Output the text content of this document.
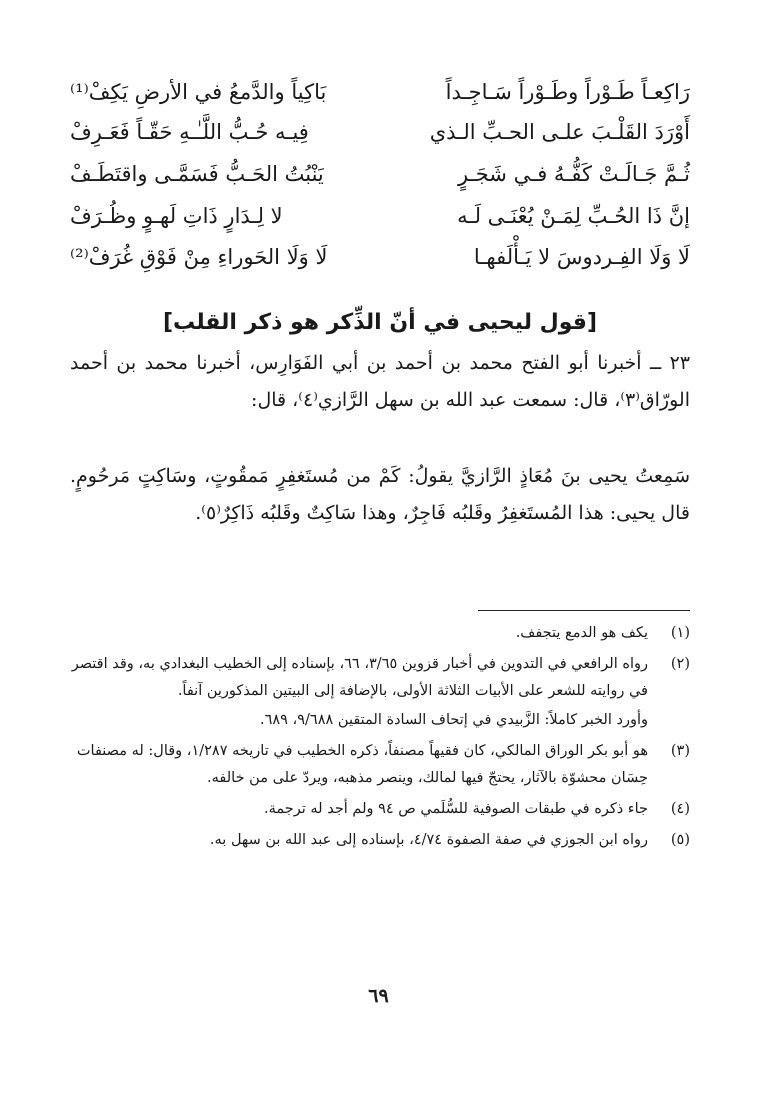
رَاكِعـاً طَـوْراً وطَـوْراً سَـاجِـداً
بَاكِياً والدَّمعُ في الأرضِ يَكِفْ⁽¹⁾
أَوْرَدَ القَلْـبَ علـى الحـبِّ الـذي
فِيـه حُـبُّ اللَّـٰـهِ حَقّـاً فَعَـرِفْ
ثُـمَّ جَـالَـتْ كَفُّـهُ فـي شَجَـرٍ
يَنْبُتُ الحَـبُّ فَسَمَّـى واقتَطَـفْ
إنَّ ذَا الحُـبِّ لِمَـنْ يُعْنَـى لَـه
لا لِـدَارٍ ذَاتِ لَهـوٍ وظُـرَفْ
لَا وَلَا الفِـردوسَ لا يَـأْلَفهـا
لَا وَلَا الحَوراءِ مِنْ فَوْقِ غُرَفْ⁽²⁾
[قول ليحيى في أنّ الذِّكر هو ذكر القلب]

٢٣ ــ أخبرنا أبو الفتح محمد بن أحمد بن أبي الفَوَارِس، أخبرنا محمد بن أحمد الورّاق⁽٣⁾، قال: سمعت عبد الله بن سهل الرَّازي⁽٤⁾، قال:

سَمِعتُ يحيى بنَ مُعَاذٍ الرَّازيَّ يقولُ: كَمْ من مُستَغفِرٍ مَمقُوتٍ، وسَاكِتٍ مَرحُومٍ. قال يحيى: هذا المُستَغفِرُ وقَلبُه فَاجِرٌ، وهذا سَاكِتٌ وقَلبُه ذَاكِرٌ⁽٥⁾.

(١)
يكف هو الدمع يتجفف.
(٢)
رواه الرافعي في التدوين في أخبار قزوين ٣/٦٥، ٦٦، بإسناده إلى الخطيب البغدادي به، وقد اقتصر في روايته للشعر على الأبيات الثلاثة الأولى، بالإضافة إلى البيتين المذكورين آنفاً.
وأورد الخبر كاملاً: الزَّبيدي في إتحاف السادة المتقين ٩/٦٨٨، ٦٨٩.
(٣)
هو أبو بكر الوراق المالكي، كان فقيهاً مصنفاً، ذكره الخطيب في تاريخه ١/٢٨٧، وقال: له مصنفات حِسَان محشوّة بالآثار، يحتجّ فيها لمالك، وينصر مذهبه، ويردّ على من خالفه.
(٤)
جاء ذكره في طبقات الصوفية للسُّلَمي ص ٩٤ ولم أجد له ترجمة.
(٥)
رواه ابن الجوزي في صفة الصفوة ٤/٧٤، بإسناده إلى عبد الله بن سهل به.
٦٩
